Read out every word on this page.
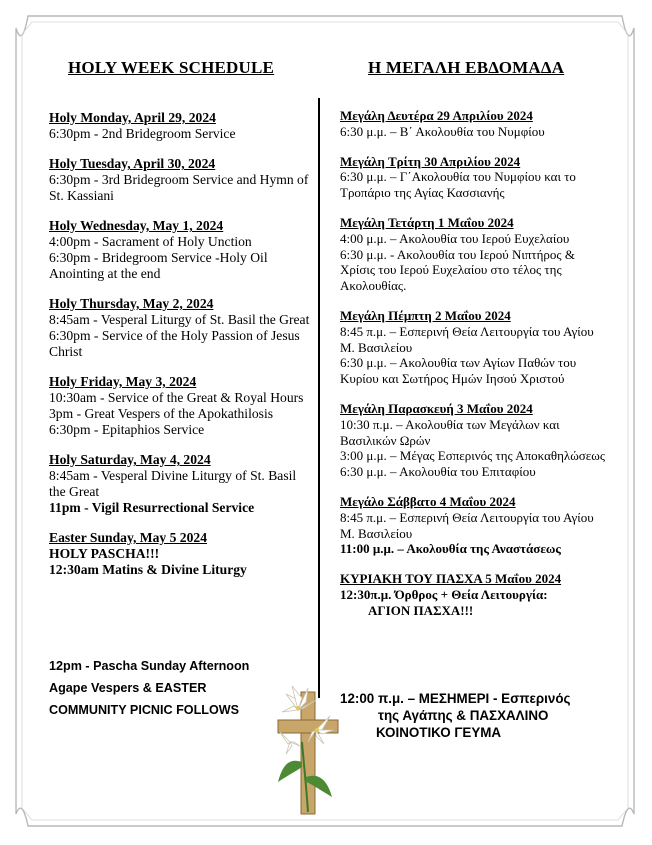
HOLY WEEK SCHEDULE	Η ΜΕΓΑΛΗ ΕΒΔΟΜΑΔΑ
Holy Monday, April 29, 2024
6:30pm - 2nd Bridegroom Service
Holy Tuesday, April 30, 2024
6:30pm - 3rd Bridegroom Service and Hymn of St. Kassiani
Holy Wednesday, May 1, 2024
4:00pm - Sacrament of Holy Unction
6:30pm - Bridegroom Service -Holy Oil Anointing at the end
Holy Thursday, May 2, 2024
8:45am - Vesperal Liturgy of St. Basil the Great
6:30pm - Service of the Holy Passion of Jesus Christ
Holy Friday, May 3, 2024
10:30am - Service of the Great & Royal Hours
3pm - Great Vespers of the Apokathilosis
6:30pm - Epitaphios Service
Holy Saturday, May 4, 2024
8:45am - Vesperal Divine Liturgy of St. Basil the Great
11pm - Vigil Resurrectional Service
Easter Sunday, May 5 2024
HOLY PASCHA!!!
12:30am Matins & Divine Liturgy
Μεγάλη Δευτέρα 29 Απριλίου 2024
6:30 μ.μ. – Β΄ Ακολουθία του Νυμφίου
Μεγάλη Τρίτη 30 Απριλίου 2024
6:30 μ.μ. – Γ΄Ακολουθία του Νυμφίου και το Τροπάριο της Αγίας Κασσιανής
Μεγάλη Τετάρτη 1 Μαΐου 2024
4:00 μ.μ. – Ακολουθία του Ιερού Ευχελαίου
6:30 μ.μ. - Ακολουθία του Ιερού Νιπτήρος & Χρίσις του Ιερού Ευχελαίου στο τέλος της Ακολουθίας.
Μεγάλη Πέμπτη 2 Μαΐου 2024
8:45 π.μ. – Εσπερινή Θεία Λειτουργία του Αγίου Μ. Βασιλείου
6:30 μ.μ. – Ακολουθία των Αγίων Παθών του Κυρίου και Σωτήρος Ημών Ιησού Χριστού
Μεγάλη Παρασκευή 3 Μαΐου 2024
10:30 π.μ. – Ακολουθία των Μεγάλων και Βασιλικών Ωρών
3:00 μ.μ. – Μέγας Εσπερινός της Αποκαθηλώσεως
6:30 μ.μ. – Ακολουθία του Επιταφίου
Μεγάλο Σάββατο 4 Μαΐου 2024
8:45 π.μ. – Εσπερινή Θεία Λειτουργία του Αγίου Μ. Βασιλείου
11:00 μ.μ. – Ακολουθία της Αναστάσεως
ΚΥΡΙΑΚΗ ΤΟΥ ΠΑΣΧΑ 5 Μαΐου 2024
12:30π.μ. Όρθρος + Θεία Λειτουργία:
ΑΓΙΟΝ ΠΑΣΧΑ!!!
12pm - Pascha Sunday Afternoon
Agape Vespers & EASTER
COMMUNITY PICNIC FOLLOWS
12:00 π.μ. – ΜΕΣΗΜΕΡΙ - Εσπερινός
της Αγάπης & ΠΑΣΧΑΛΙΝΟ
ΚΟΙΝΟΤΙΚΟ ΓΕΥΜΑ
